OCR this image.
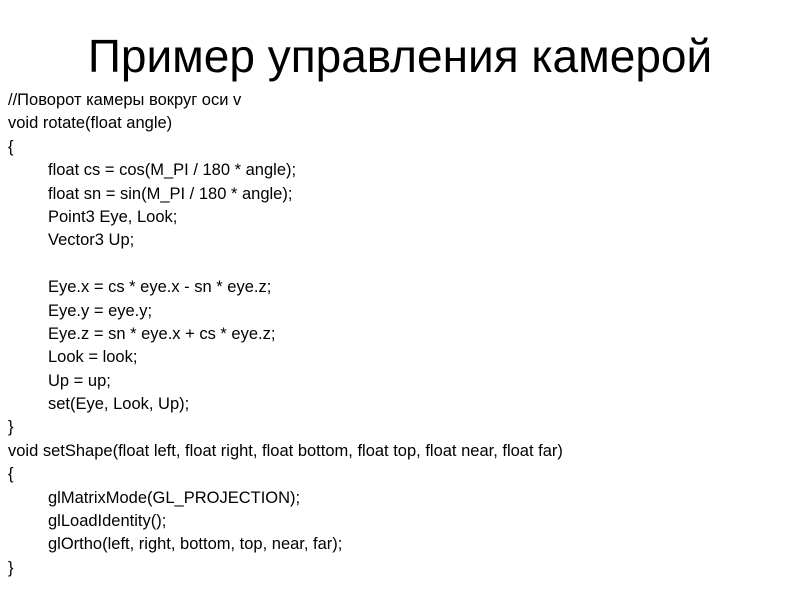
Пример управления камерой
//Поворот камеры вокруг оси v
void rotate(float angle)
{
float cs = cos(M_PI / 180 * angle);
float sn = sin(M_PI / 180 * angle);
Point3 Eye, Look;
Vector3 Up;
Eye.x = cs * eye.x - sn * eye.z;
Eye.y = eye.y;
Eye.z = sn * eye.x + cs * eye.z;
Look = look;
Up = up;
set(Eye, Look, Up);
}
void setShape(float left, float right, float bottom, float top, float near, float far)
{
glMatrixMode(GL_PROJECTION);
glLoadIdentity();
glOrtho(left, right, bottom, top, near, far);
}
